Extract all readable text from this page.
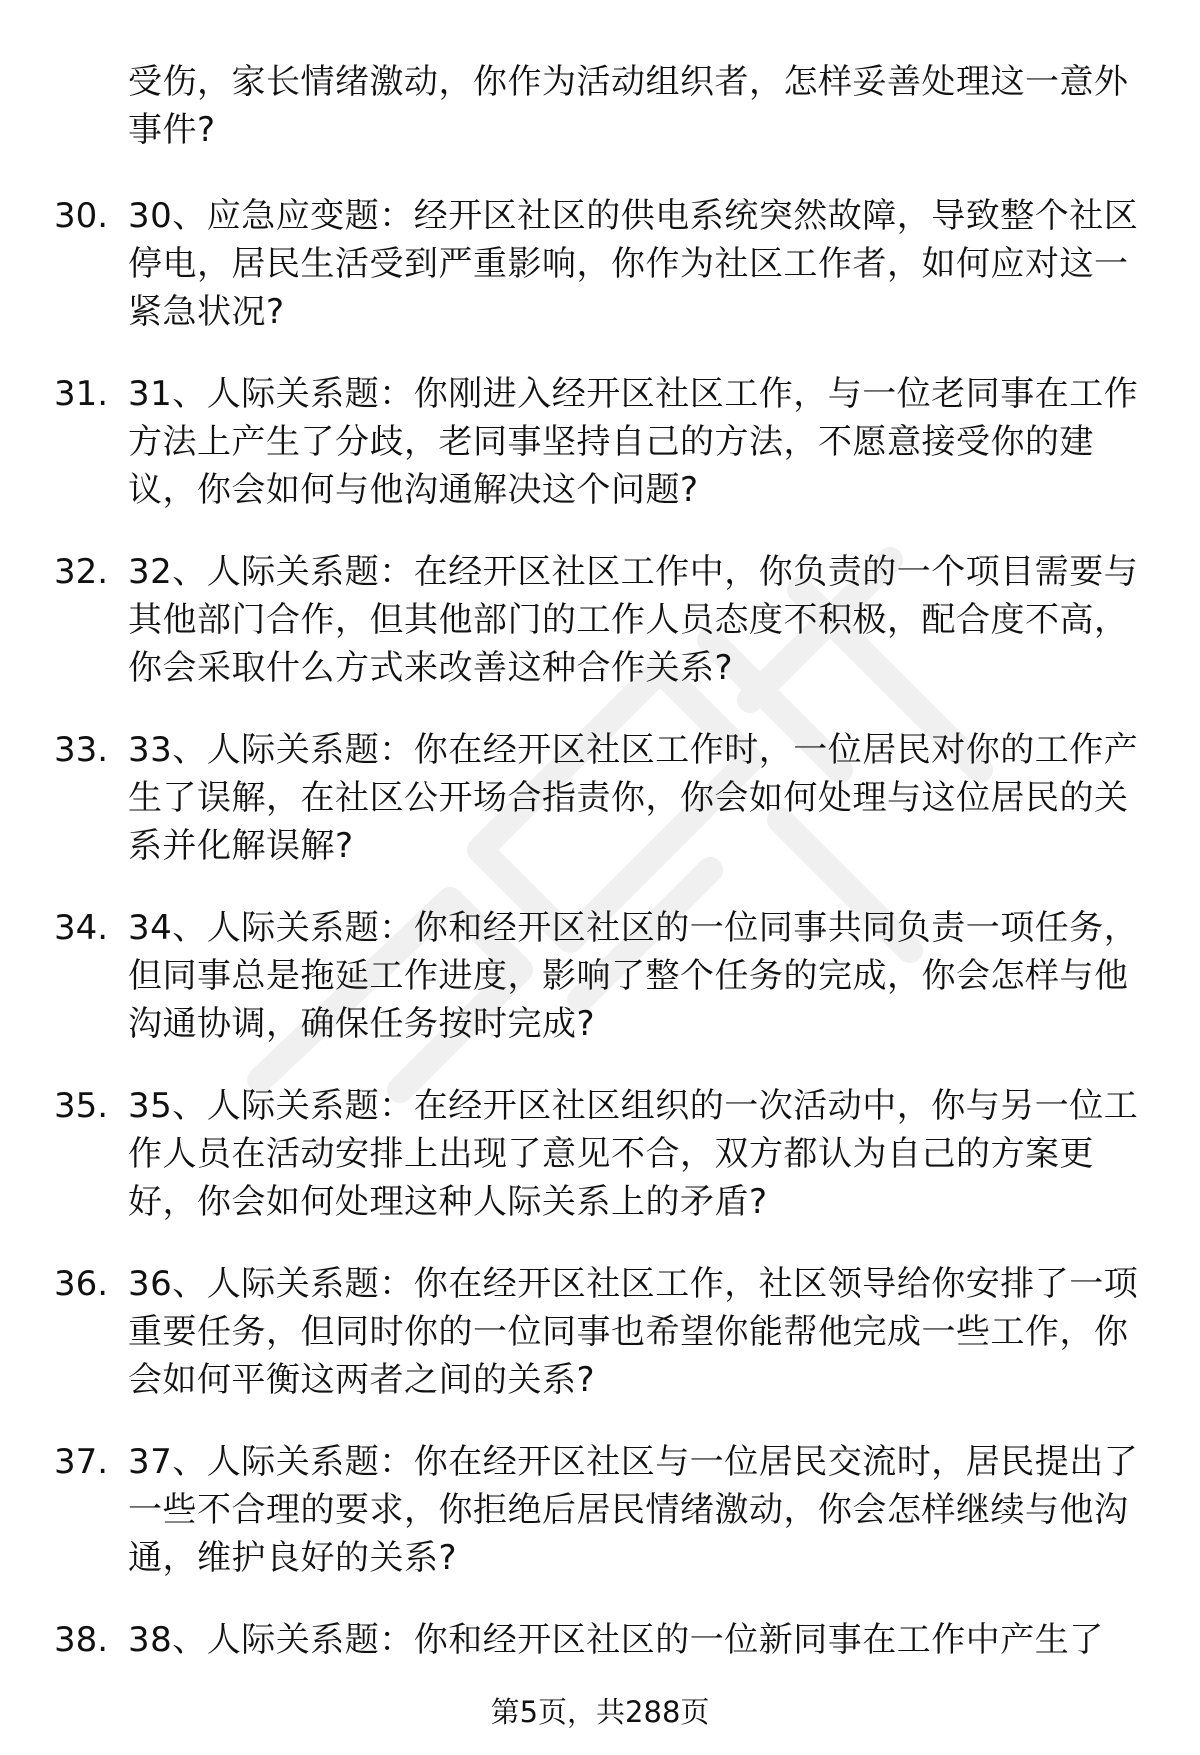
受伤，家长情绪激动，你作为活动组织者，怎样妥善处理这一意外事件?
30. 30、应急应变题：经开区社区的供电系统突然故障，导致整个社区停电，居民生活受到严重影响，你作为社区工作者，如何应对这一紧急状况?
31. 31、人际关系题：你刚进入经开区社区工作，与一位老同事在工作方法上产生了分歧，老同事坚持自己的方法，不愿意接受你的建议，你会如何与他沟通解决这个问题?
32. 32、人际关系题：在经开区社区工作中，你负责的一个项目需要与其他部门合作，但其他部门的工作人员态度不积极，配合度不高，你会采取什么方式来改善这种合作关系?
33. 33、人际关系题：你在经开区社区工作时，一位居民对你的工作产生了误解，在社区公开场合指责你，你会如何处理与这位居民的关系并化解误解?
34. 34、人际关系题：你和经开区社区的一位同事共同负责一项任务，但同事总是拖延工作进度，影响了整个任务的完成，你会怎样与他沟通协调，确保任务按时完成?
35. 35、人际关系题：在经开区社区组织的一次活动中，你与另一位工作人员在活动安排上出现了意见不合，双方都认为自己的方案更好，你会如何处理这种人际关系上的矛盾?
36. 36、人际关系题：你在经开区社区工作，社区领导给你安排了一项重要任务，但同时你的一位同事也希望你能帮他完成一些工作，你会如何平衡这两者之间的关系?
37. 37、人际关系题：你在经开区社区与一位居民交流时，居民提出了一些不合理的要求，你拒绝后居民情绪激动，你会怎样继续与他沟通，维护良好的关系?
38. 38、人际关系题：你和经开区社区的一位新同事在工作中产生了
第5页，共288页
